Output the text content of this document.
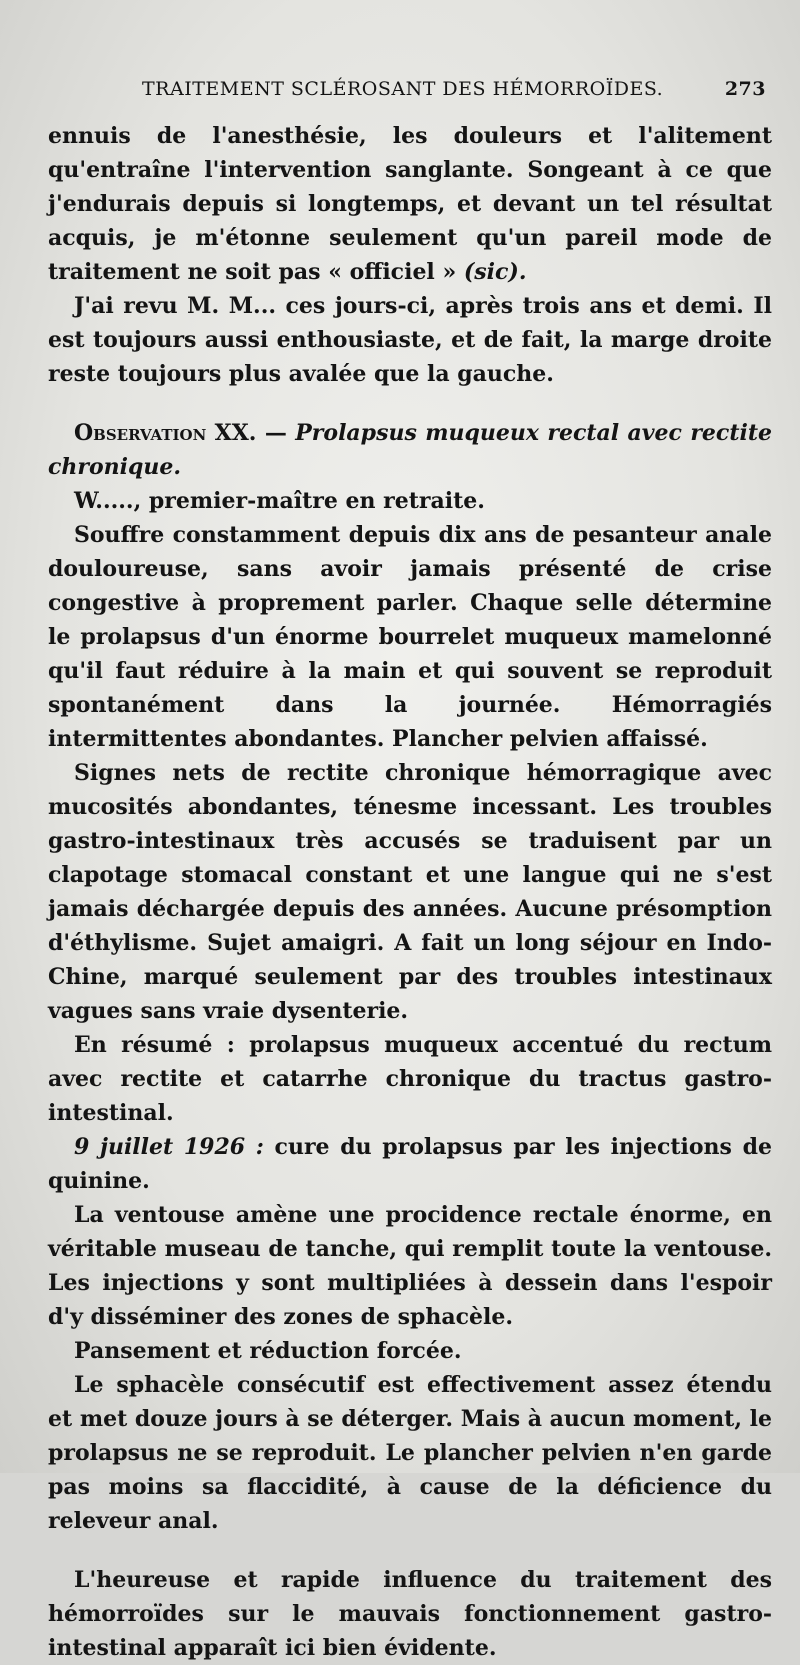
TRAITEMENT SCLÉROSANT DES HÉMORROÏDES.	273

ennuis de l'anesthésie, les douleurs et l'alitement qu'entraîne l'intervention sanglante. Songeant à ce que j'endurais depuis si longtemps, et devant un tel résultat acquis, je m'étonne seulement qu'un pareil mode de traitement ne soit pas « officiel » (sic).

J'ai revu M. M... ces jours-ci, après trois ans et demi. Il est toujours aussi enthousiaste, et de fait, la marge droite reste toujours plus avalée que la gauche.

Observation XX. — Prolapsus muqueux rectal avec rectite chronique.

W....., premier-maître en retraite.

Souffre constamment depuis dix ans de pesanteur anale douloureuse, sans avoir jamais présenté de crise congestive à proprement parler. Chaque selle détermine le prolapsus d'un énorme bourrelet muqueux mamelonné qu'il faut réduire à la main et qui souvent se reproduit spontanément dans la journée. Hémorragiés intermittentes abondantes. Plancher pelvien affaissé.

Signes nets de rectite chronique hémorragique avec mucosités abondantes, ténesme incessant. Les troubles gastro-intestinaux très accusés se traduisent par un clapotage stomacal constant et une langue qui ne s'est jamais déchargée depuis des années. Aucune présomption d'éthylisme. Sujet amaigri. A fait un long séjour en Indo-Chine, marqué seulement par des troubles intestinaux vagues sans vraie dysenterie.

En résumé : prolapsus muqueux accentué du rectum avec rectite et catarrhe chronique du tractus gastro-intestinal.

9 juillet 1926 : cure du prolapsus par les injections de quinine.

La ventouse amène une procidence rectale énorme, en véritable museau de tanche, qui remplit toute la ventouse. Les injections y sont multipliées à dessein dans l'espoir d'y disséminer des zones de sphacèle.

Pansement et réduction forcée.

Le sphacèle consécutif est effectivement assez étendu et met douze jours à se déterger. Mais à aucun moment, le prolapsus ne se reproduit. Le plancher pelvien n'en garde pas moins sa flaccidité, à cause de la déficience du releveur anal.

L'heureuse et rapide influence du traitement des hémorroïdes sur le mauvais fonctionnement gastro-intestinal apparaît ici bien évidente.
